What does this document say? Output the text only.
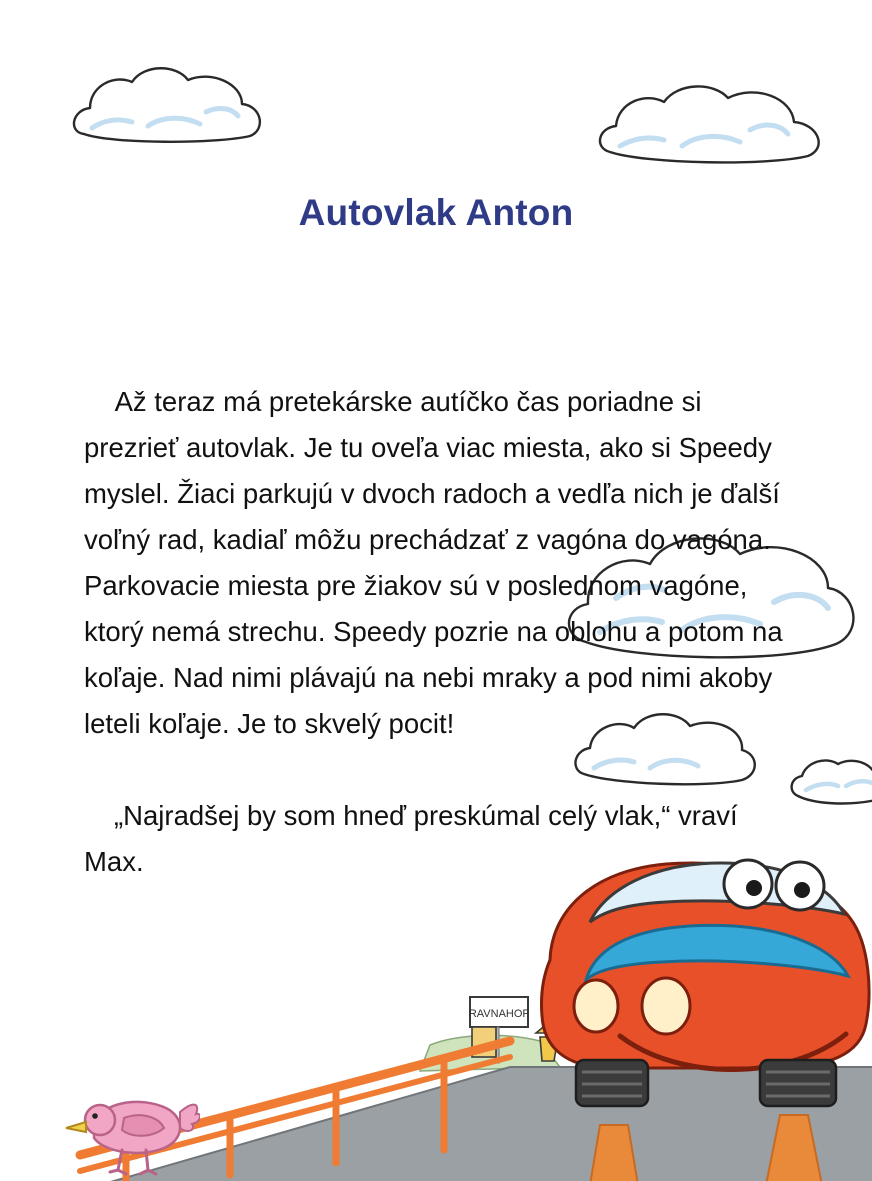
Autovlak Anton

Až teraz má pretekárske autíčko čas poriadne si prezrieť autovlak. Je tu oveľa viac miesta, ako si Speedy myslel. Žiaci parkujú v dvoch radoch a vedľa nich je ďalší voľný rad, kadiaľ môžu prechádzať z vagóna do vagóna. Parkovacie miesta pre žiakov sú v poslednom vagóne, ktorý nemá strechu. Speedy pozrie na oblohu a potom na koľaje. Nad nimi plávajú na nebi mraky a pod nimi akoby leteli koľaje. Je to skvelý pocit!

„Najradšej by som hneď preskúmal celý vlak,“ vraví Max.

RAVNAHOF
